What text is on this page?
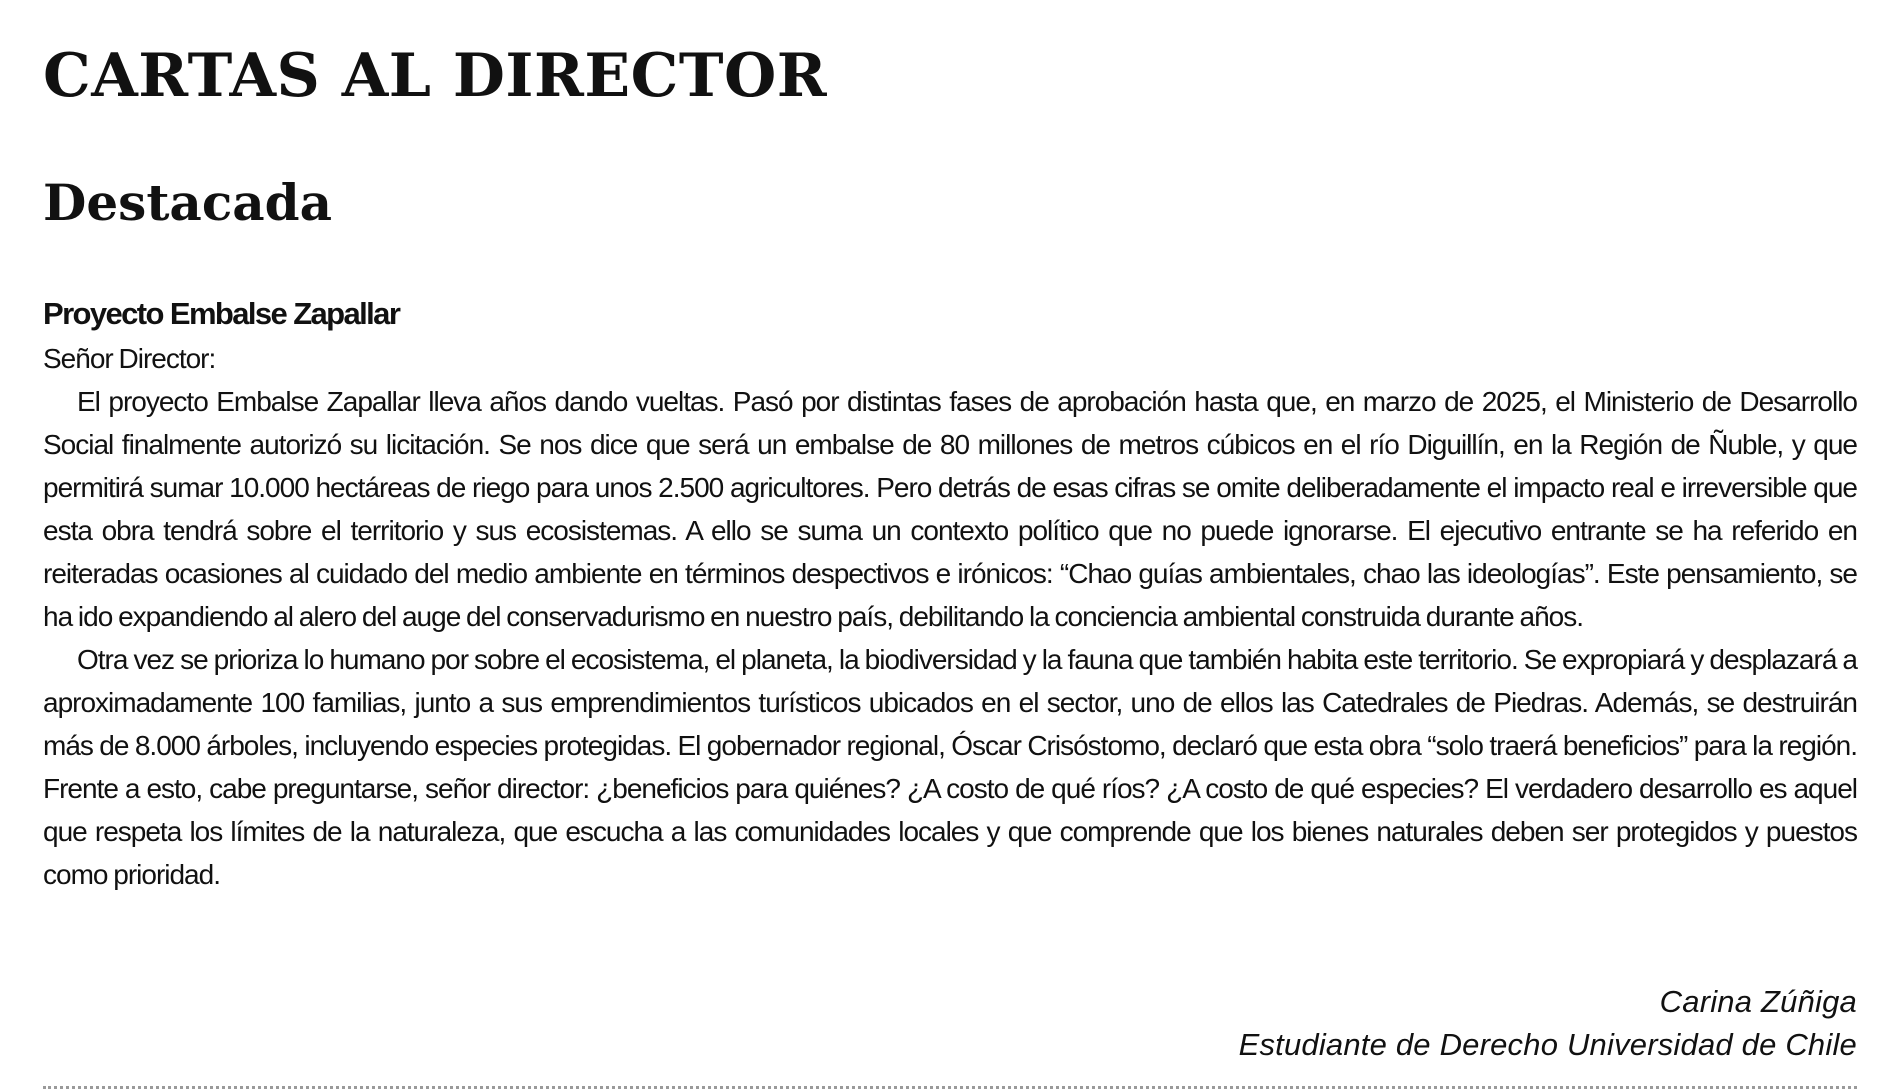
CARTAS AL DIRECTOR
Destacada
Proyecto Embalse Zapallar

Señor Director:

El proyecto Embalse Zapallar lleva años dando vueltas. Pasó por distintas fases de aprobación hasta que, en marzo de 2025, el Ministerio de Desarrollo Social finalmente autorizó su licitación. Se nos dice que será un embalse de 80 millones de metros cúbicos en el río Diguillín, en la Región de Ñuble, y que permitirá sumar 10.000 hectáreas de riego para unos 2.500 agricultores. Pero detrás de esas cifras se omite deliberadamente el impacto real e irreversible que esta obra tendrá sobre el territorio y sus ecosistemas. A ello se suma un contexto político que no puede ignorarse. El ejecutivo entrante se ha referido en reiteradas ocasiones al cuidado del medio ambiente en términos despectivos e irónicos: “Chao guías ambientales, chao las ideologías”. Este pensamiento, se ha ido expandiendo al alero del auge del conservadurismo en nuestro país, debilitando la conciencia ambiental construida durante años.

Otra vez se prioriza lo humano por sobre el ecosistema, el planeta, la biodiversidad y la fauna que también habita este territorio. Se expropiará y desplazará a aproximadamente 100 familias, junto a sus emprendimientos turísticos ubicados en el sector, uno de ellos las Catedrales de Piedras. Además, se destruirán más de 8.000 árboles, incluyendo especies protegidas. El gobernador regional, Óscar Crisóstomo, declaró que esta obra “solo traerá beneficios” para la región. Frente a esto, cabe preguntarse, señor director: ¿beneficios para quiénes? ¿A costo de qué ríos? ¿A costo de qué especies? El verdadero desarrollo es aquel que respeta los límites de la naturaleza, que escucha a las comunidades locales y que comprende que los bienes naturales deben ser protegidos y puestos como prioridad.

Carina Zúñiga
Estudiante de Derecho Universidad de Chile
